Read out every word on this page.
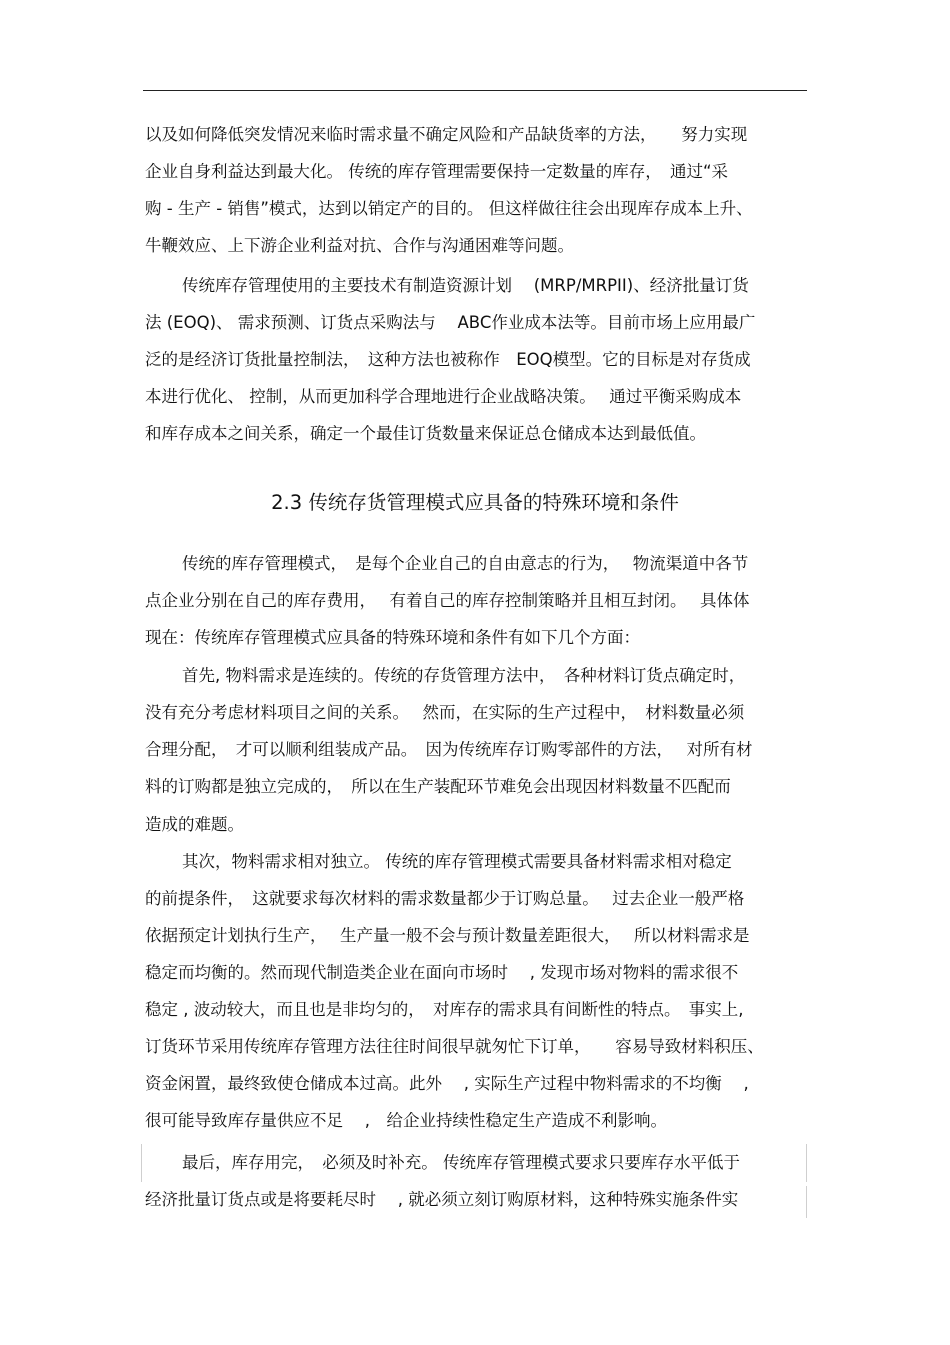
以及如何降低突发情况来临时需求量不确定风险和产品缺货率的方法，　　努力实现
企业自身利益达到最大化。 传统的库存管理需要保持一定数量的库存，　通过“采
购 - 生产 - 销售”模式，达到以销定产的目的。 但这样做往往会出现库存成本上升、
牛鞭效应、上下游企业利益对抗、合作与沟通困难等问题。
传统库存管理使用的主要技术有制造资源计划　 (MRP/MRPII)、经济批量订货
法 (EOQ)、 需求预测、订货点采购法与　 ABC作业成本法等。目前市场上应用最广
泛的是经济订货批量控制法，　这种方法也被称作　EOQ模型。它的目标是对存货成
本进行优化、 控制，从而更加科学合理地进行企业战略决策。　 通过平衡采购成本
和库存成本之间关系，确定一个最佳订货数量来保证总仓储成本达到最低值。
2.3 传统存货管理模式应具备的特殊环境和条件
传统的库存管理模式，　是每个企业自己的自由意志的行为，　 物流渠道中各节
点企业分别在自己的库存费用，　 有着自己的库存控制策略并且相互封闭。　 具体体
现在：传统库存管理模式应具备的特殊环境和条件有如下几个方面：
首先, 物料需求是连续的。传统的存货管理方法中，　各种材料订货点确定时，
没有充分考虑材料项目之间的关系。　 然而，在实际的生产过程中，　材料数量必须
合理分配，　才可以顺利组装成产品。　因为传统库存订购零部件的方法，　 对所有材
料的订购都是独立完成的，　所以在生产装配环节难免会出现因材料数量不匹配而
造成的难题。
其次，物料需求相对独立。 传统的库存管理模式需要具备材料需求相对稳定
的前提条件，　这就要求每次材料的需求数量都少于订购总量。　 过去企业一般严格
依据预定计划执行生产，　 生产量一般不会与预计数量差距很大，　 所以材料需求是
稳定而均衡的。然而现代制造类企业在面向市场时　 , 发现市场对物料的需求很不
稳定 , 波动较大，而且也是非均匀的，　对库存的需求具有间断性的特点。　事实上,
订货环节采用传统库存管理方法往往时间很早就匆忙下订单，　　容易导致材料积压、
资金闲置，最终致使仓储成本过高。此外　 , 实际生产过程中物料需求的不均衡　 ,
很可能导致库存量供应不足　 ,　给企业持续性稳定生产造成不利影响。
最后，库存用完，　必须及时补充。 传统库存管理模式要求只要库存水平低于
经济批量订货点或是将要耗尽时　 , 就必须立刻订购原材料，这种特殊实施条件实
